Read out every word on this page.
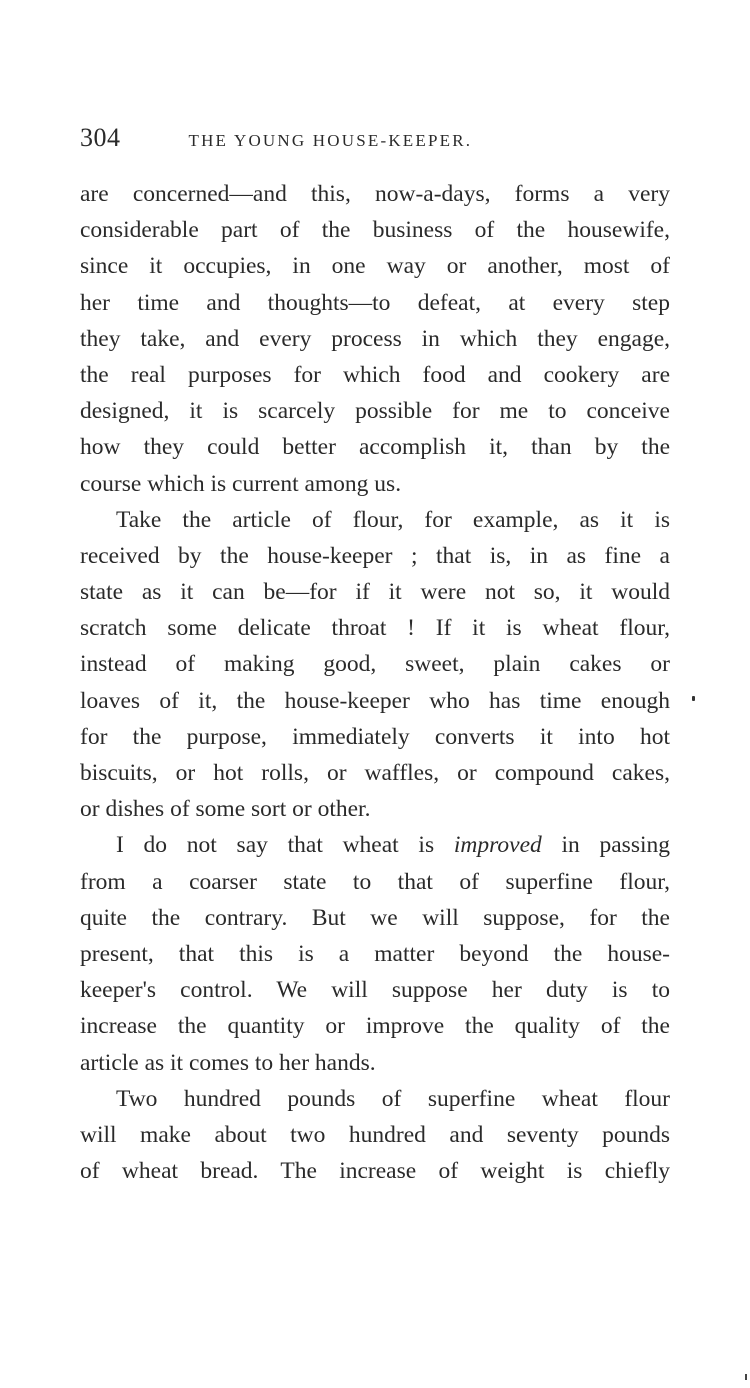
304	THE YOUNG HOUSE-KEEPER.
are concerned—and this, now-a-days, forms a very
considerable part of the business of the housewife,
since it occupies, in one way or another, most of
her time and thoughts—to defeat, at every step
they take, and every process in which they engage,
the real purposes for which food and cookery are
designed, it is scarcely possible for me to conceive
how they could better accomplish it, than by the
course which is current among us.
Take the article of flour, for example, as it is
received by the house-keeper ; that is, in as fine a
state as it can be—for if it were not so, it would
scratch some delicate throat ! If it is wheat flour,
instead of making good, sweet, plain cakes or
loaves of it, the house-keeper who has time enough
for the purpose, immediately converts it into hot
biscuits, or hot rolls, or waffles, or compound cakes,
or dishes of some sort or other.
I do not say that wheat is improved in passing
from a coarser state to that of superfine flour,
quite the contrary. But we will suppose, for the
present, that this is a matter beyond the house-
keeper's control. We will suppose her duty is to
increase the quantity or improve the quality of the
article as it comes to her hands.
Two hundred pounds of superfine wheat flour
will make about two hundred and seventy pounds
of wheat bread. The increase of weight is chiefly
